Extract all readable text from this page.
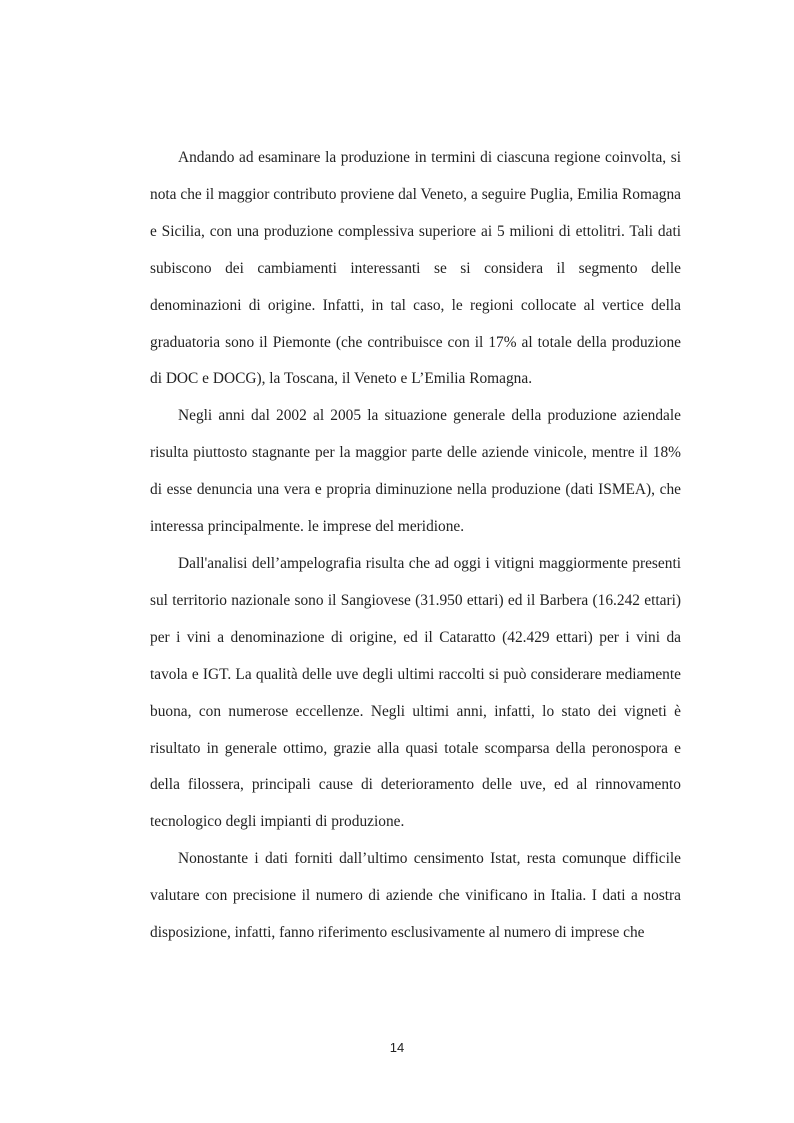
Andando ad esaminare la produzione in termini di ciascuna regione coinvolta, si nota che il maggior contributo proviene dal Veneto, a seguire Puglia, Emilia Romagna e Sicilia, con una produzione complessiva superiore ai 5 milioni di ettolitri. Tali dati subiscono dei cambiamenti interessanti se si considera il segmento delle denominazioni di origine. Infatti, in tal caso, le regioni collocate al vertice della graduatoria sono il Piemonte (che contribuisce con il 17% al totale della produzione di DOC e DOCG), la Toscana, il Veneto e L’Emilia Romagna.

Negli anni dal 2002 al 2005 la situazione generale della produzione aziendale risulta piuttosto stagnante per la maggior parte delle aziende vinicole, mentre il 18% di esse denuncia una vera e propria diminuzione nella produzione (dati ISMEA), che interessa principalmente. le imprese del meridione.

Dall'analisi dell’ampelografia risulta che ad oggi i vitigni maggiormente presenti sul territorio nazionale sono il Sangiovese (31.950 ettari) ed il Barbera (16.242 ettari) per i vini a denominazione di origine, ed il Cataratto (42.429 ettari) per i vini da tavola e IGT. La qualità delle uve degli ultimi raccolti si può considerare mediamente buona, con numerose eccellenze. Negli ultimi anni, infatti, lo stato dei vigneti è risultato in generale ottimo, grazie alla quasi totale scomparsa della peronospora e della filossera, principali cause di deterioramento delle uve, ed al rinnovamento tecnologico degli impianti di produzione.

Nonostante i dati forniti dall’ultimo censimento Istat, resta comunque difficile valutare con precisione il numero di aziende che vinificano in Italia. I dati a nostra disposizione, infatti, fanno riferimento esclusivamente al numero di imprese che

14
